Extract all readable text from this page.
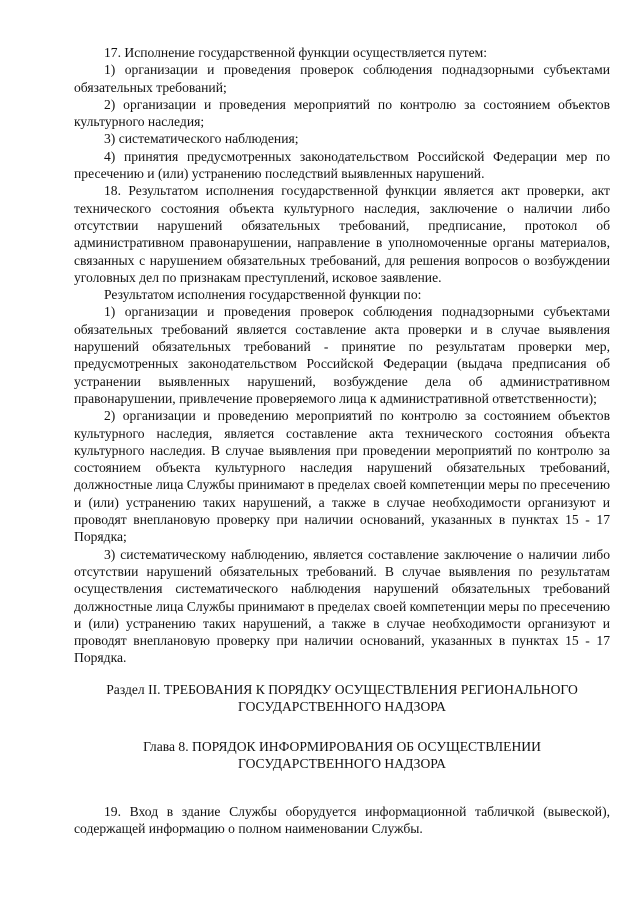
17. Исполнение государственной функции осуществляется путем:

1) организации и проведения проверок соблюдения поднадзорными субъектами обязательных требований;

2) организации и проведения мероприятий по контролю за состоянием объектов культурного наследия;

3) систематического наблюдения;

4) принятия предусмотренных законодательством Российской Федерации мер по пресечению и (или) устранению последствий выявленных нарушений.

18. Результатом исполнения государственной функции является акт проверки, акт технического состояния объекта культурного наследия, заключение о наличии либо отсутствии нарушений обязательных требований, предписание, протокол об административном правонарушении, направление в уполномоченные органы материалов, связанных с нарушением обязательных требований, для решения вопросов о возбуждении уголовных дел по признакам преступлений, исковое заявление.

Результатом исполнения государственной функции по:

1) организации и проведения проверок соблюдения поднадзорными субъектами обязательных требований является составление акта проверки и в случае выявления нарушений обязательных требований - принятие по результатам проверки мер, предусмотренных законодательством Российской Федерации (выдача предписания об устранении выявленных нарушений, возбуждение дела об административном правонарушении, привлечение проверяемого лица к административной ответственности);

2) организации и проведению мероприятий по контролю за состоянием объектов культурного наследия, является составление акта технического состояния объекта культурного наследия. В случае выявления при проведении мероприятий по контролю за состоянием объекта культурного наследия нарушений обязательных требований, должностные лица Службы принимают в пределах своей компетенции меры по пресечению и (или) устранению таких нарушений, а также в случае необходимости организуют и проводят внеплановую проверку при наличии оснований, указанных в пунктах 15 - 17 Порядка;

3) систематическому наблюдению, является составление заключение о наличии либо отсутствии нарушений обязательных требований. В случае выявления по результатам осуществления систематического наблюдения нарушений обязательных требований должностные лица Службы принимают в пределах своей компетенции меры по пресечению и (или) устранению таких нарушений, а также в случае необходимости организуют и проводят внеплановую проверку при наличии оснований, указанных в пунктах 15 - 17 Порядка.

Раздел II. ТРЕБОВАНИЯ К ПОРЯДКУ ОСУЩЕСТВЛЕНИЯ РЕГИОНАЛЬНОГО
ГОСУДАРСТВЕННОГО НАДЗОРА
Глава 8. ПОРЯДОК ИНФОРМИРОВАНИЯ ОБ ОСУЩЕСТВЛЕНИИ
ГОСУДАРСТВЕННОГО НАДЗОРА

19. Вход в здание Службы оборудуется информационной табличкой (вывеской), содержащей информацию о полном наименовании Службы.
